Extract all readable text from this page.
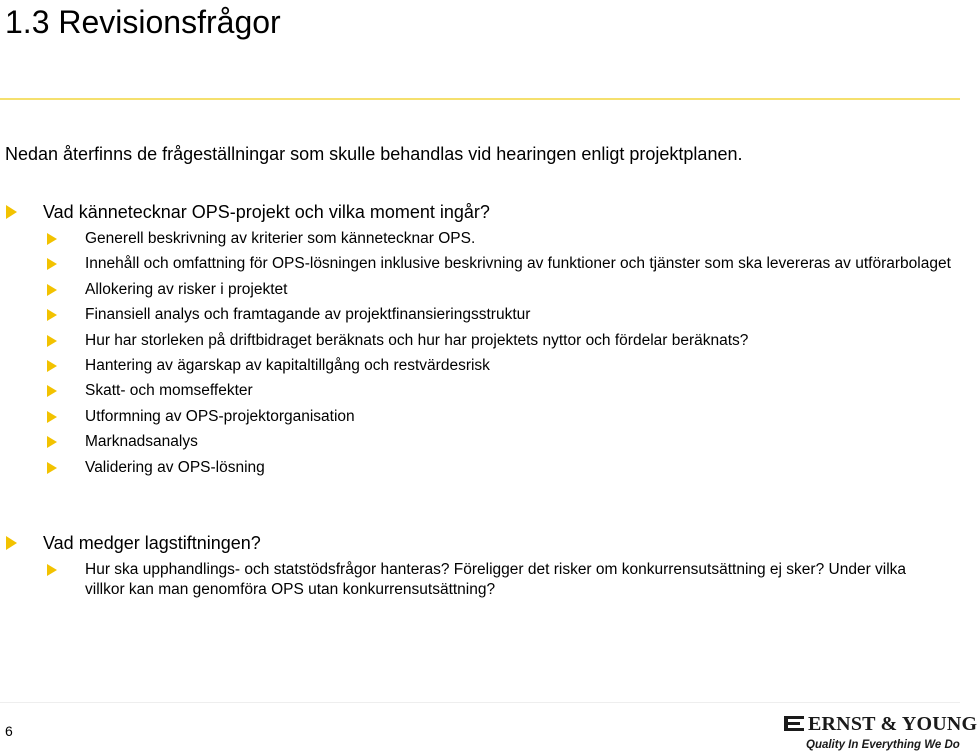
1.3 Revisionsfrågor

Nedan återfinns de frågeställningar som skulle behandlas vid hearingen enligt projektplanen.

Vad kännetecknar OPS-projekt och vilka moment ingår?
Generell beskrivning av kriterier som kännetecknar OPS.
Innehåll och omfattning för OPS-lösningen inklusive beskrivning av funktioner och tjänster som ska levereras av utförarbolaget
Allokering av risker i projektet
Finansiell analys och framtagande av projektfinansieringsstruktur
Hur har storleken på driftbidraget beräknats och hur har projektets nyttor och fördelar beräknats?
Hantering av ägarskap av kapitaltillgång och restvärdesrisk
Skatt- och momseffekter
Utformning av OPS-projektorganisation
Marknadsanalys
Validering av OPS-lösning
Vad medger lagstiftningen?
Hur ska upphandlings- och statstödsfrågor hanteras? Föreligger det risker om konkurrensutsättning ej sker? Under vilka villkor kan man genomföra OPS utan konkurrensutsättning?
6	ERNST & YOUNG
Quality In Everything We Do
